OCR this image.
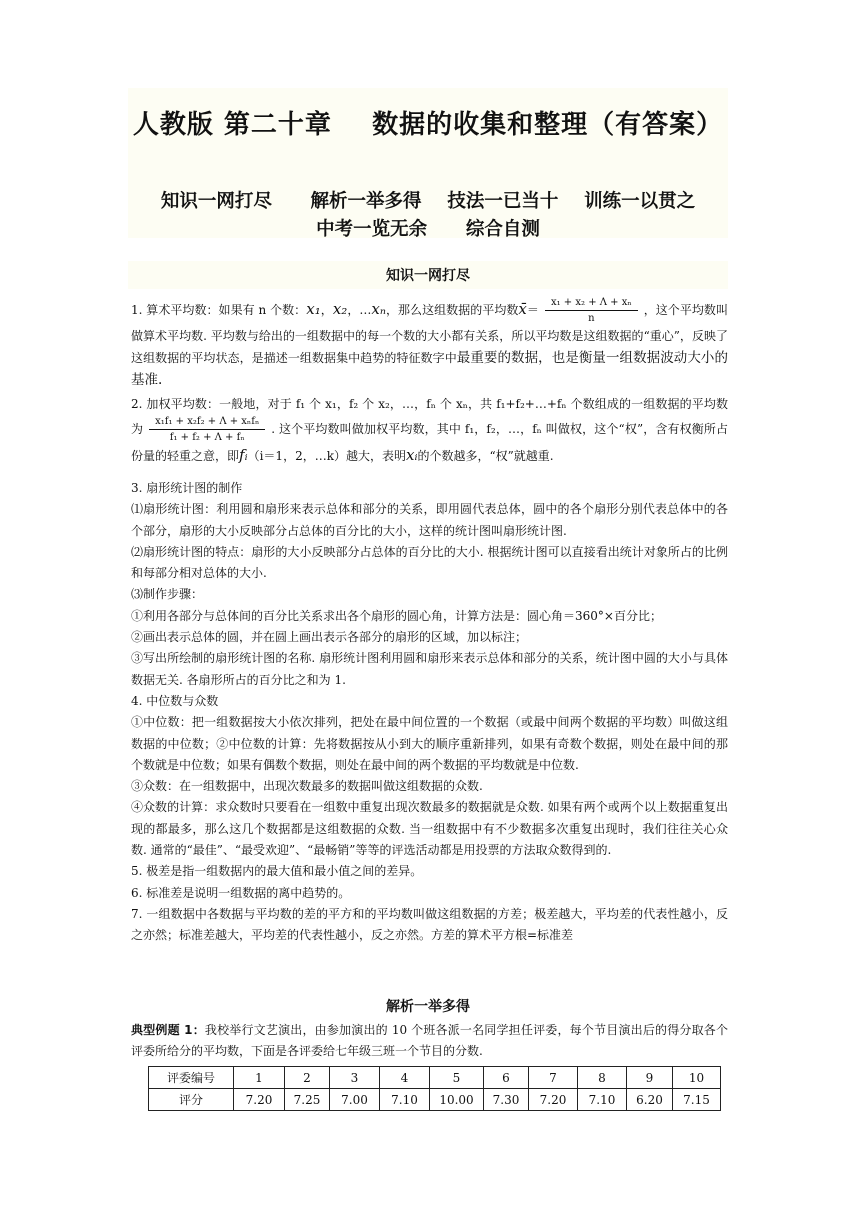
人教版 第二十章    数据的收集和整理（有答案）
知识一网打尽      解析一举多得    技法一已当十    训练一以贯之
中考一览无余      综合自测
知识一网打尽

1. 算术平均数：如果有 n 个数：x₁，x₂，…xₙ，那么这组数据的平均数x̄＝ $\frac{\text{x₁ + x₂ + Λ + xₙ}}{n}$ ，这个平均数叫做算术平均数. 平均数与给出的一组数据中的每一个数的大小都有关系，所以平均数是这组数据的“重心”，反映了这组数据的平均状态，是描述一组数据集中趋势的特征数字中最重要的数据，也是衡量一组数据波动大小的基准.

2. 加权平均数：一般地，对于 f₁ 个 x₁，f₂ 个 x₂，…，fₙ 个 xₙ，共 f₁+f₂+…+fₙ 个数组成的一组数据的平均数为 $\frac{\text{x₁f₁ + x₂f₂ + Λ + xₙfₙ}}{\text{f₁ + f₂ + Λ + fₙ}}$ . 这个平均数叫做加权平均数，其中 f₁，f₂，…，fₙ 叫做权，这个“权”，含有权衡所占份量的轻重之意，即fᵢ（i＝1，2，…k）越大，表明xᵢ的个数越多，“权”就越重.

3. 扇形统计图的制作
⑴扇形统计图：利用圆和扇形来表示总体和部分的关系，即用圆代表总体，圆中的各个扇形分别代表总体中的各个部分，扇形的大小反映部分占总体的百分比的大小，这样的统计图叫扇形统计图.
⑵扇形统计图的特点：扇形的大小反映部分占总体的百分比的大小. 根据统计图可以直接看出统计对象所占的比例和每部分相对总体的大小.
⑶制作步骤：
①利用各部分与总体间的百分比关系求出各个扇形的圆心角，计算方法是：圆心角＝360°×百分比；
②画出表示总体的圆，并在圆上画出表示各部分的扇形的区域，加以标注；
③写出所绘制的扇形统计图的名称. 扇形统计图利用圆和扇形来表示总体和部分的关系，统计图中圆的大小与具体数据无关. 各扇形所占的百分比之和为 1.
4. 中位数与众数
①中位数：把一组数据按大小依次排列，把处在最中间位置的一个数据（或最中间两个数据的平均数）叫做这组数据的中位数；②中位数的计算：先将数据按从小到大的顺序重新排列，如果有奇数个数据，则处在最中间的那个数就是中位数；如果有偶数个数据，则处在最中间的两个数据的平均数就是中位数.
③众数：在一组数据中，出现次数最多的数据叫做这组数据的众数.
④众数的计算：求众数时只要看在一组数中重复出现次数最多的数据就是众数. 如果有两个或两个以上数据重复出现的都最多，那么这几个数据都是这组数据的众数. 当一组数据中有不少数据多次重复出现时，我们往往关心众数. 通常的“最佳”、“最受欢迎”、“最畅销”等等的评选活动都是用投票的方法取众数得到的.
5. 极差是指一组数据内的最大值和最小值之间的差异。
6. 标准差是说明一组数据的离中趋势的。
7. 一组数据中各数据与平均数的差的平方和的平均数叫做这组数据的方差；极差越大，平均差的代表性越小，反之亦然；标准差越大，平均差的代表性越小，反之亦然。方差的算术平方根=标准差
解析一举多得

典型例题 1：我校举行文艺演出，由参加演出的 10 个班各派一名同学担任评委，每个节目演出后的得分取各个评委所给分的平均数，下面是各评委给七年级三班一个节目的分数.

评委编号	1	2	3	4	5	6	7	8	9	10
评分	7.20	7.25	7.00	7.10	10.00	7.30	7.20	7.10	6.20	7.15
